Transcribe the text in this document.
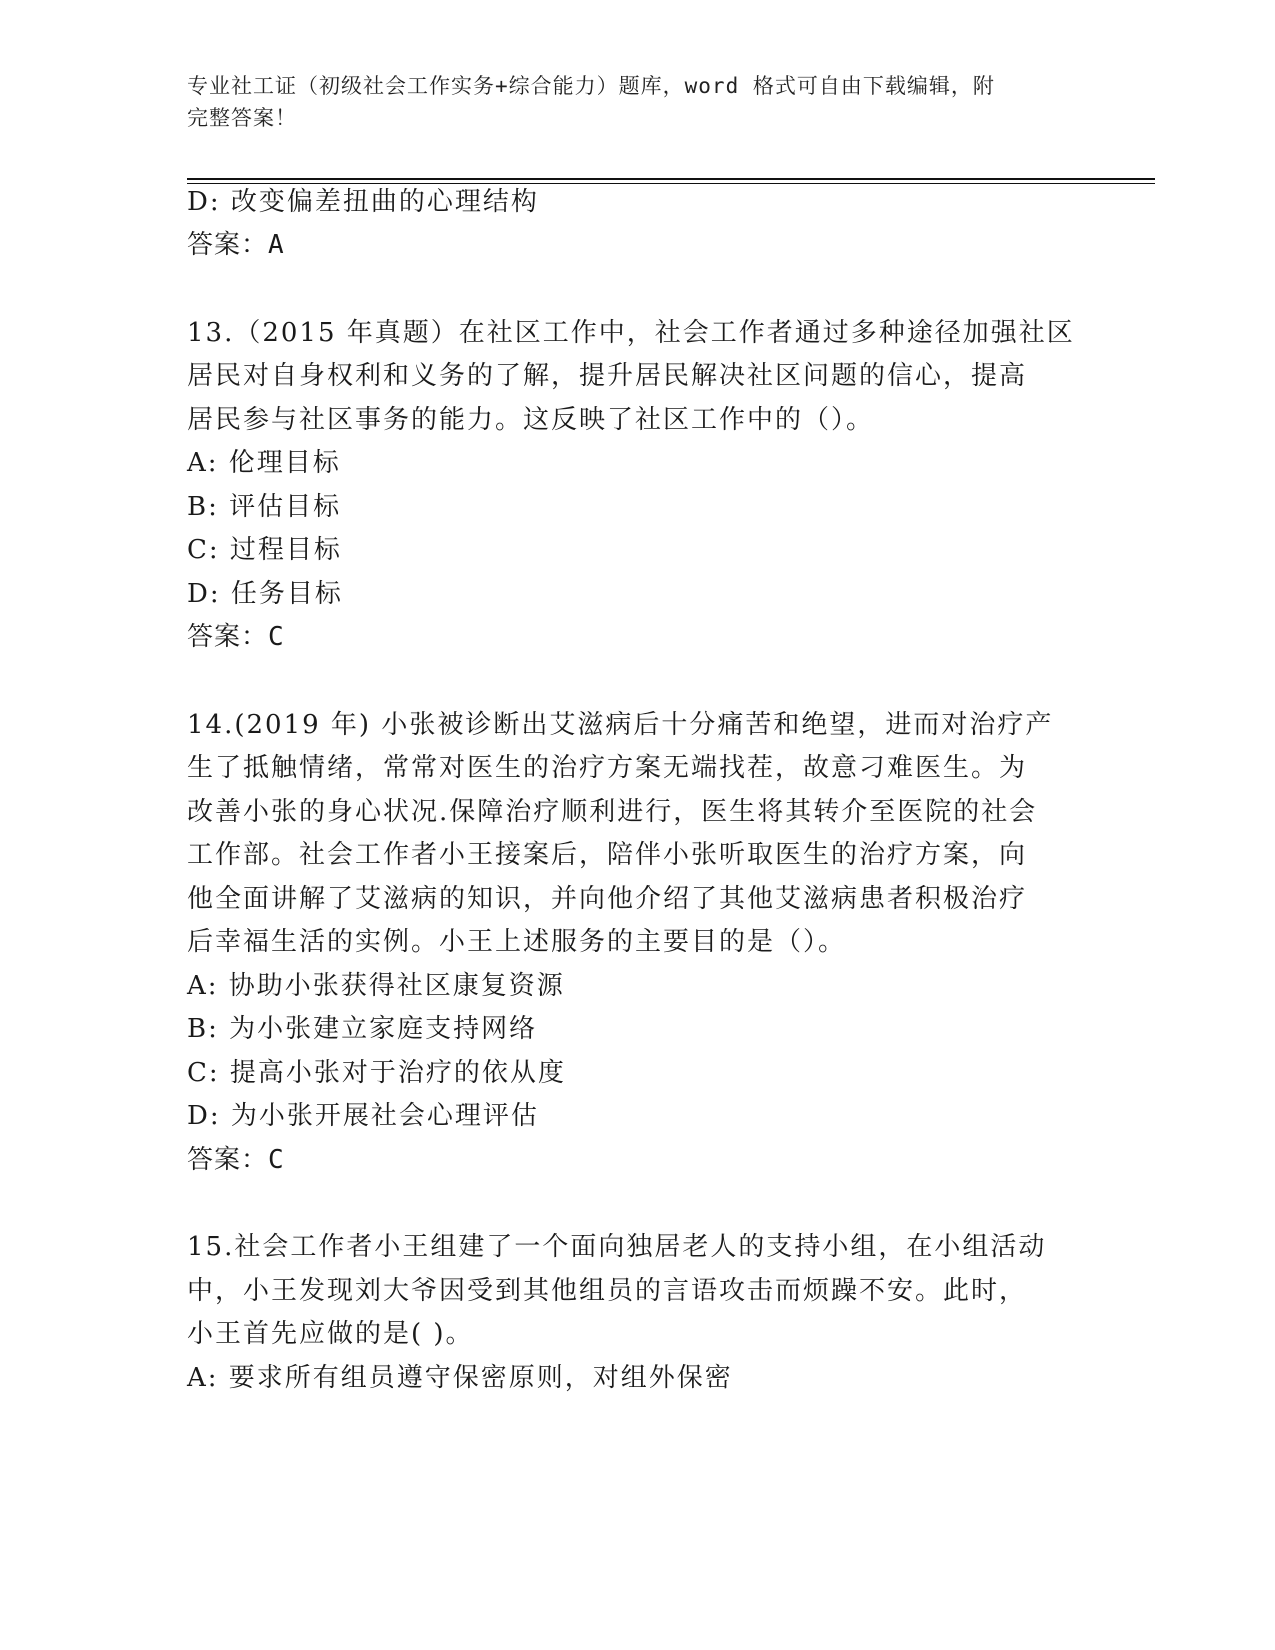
专业社工证（初级社会工作实务+综合能力）题库，word 格式可自由下载编辑，附
完整答案！
D: 改变偏差扭曲的心理结构
答案：A
13.（2015 年真题）在社区工作中，社会工作者通过多种途径加强社区
居民对自身权利和义务的了解，提升居民解决社区问题的信心，提高
居民参与社区事务的能力。这反映了社区工作中的（）。
A: 伦理目标
B: 评估目标
C: 过程目标
D: 任务目标
答案：C
14.(2019 年) 小张被诊断出艾滋病后十分痛苦和绝望，进而对治疗产
生了抵触情绪，常常对医生的治疗方案无端找茬，故意刁难医生。为
改善小张的身心状况.保障治疗顺利进行，医生将其转介至医院的社会
工作部。社会工作者小王接案后，陪伴小张听取医生的治疗方案，向
他全面讲解了艾滋病的知识，并向他介绍了其他艾滋病患者积极治疗
后幸福生活的实例。小王上述服务的主要目的是（）。
A: 协助小张获得社区康复资源
B: 为小张建立家庭支持网络
C: 提高小张对于治疗的依从度
D: 为小张开展社会心理评估
答案：C
15.社会工作者小王组建了一个面向独居老人的支持小组，在小组活动
中，小王发现刘大爷因受到其他组员的言语攻击而烦躁不安。此时，
小王首先应做的是( )。
A: 要求所有组员遵守保密原则，对组外保密
